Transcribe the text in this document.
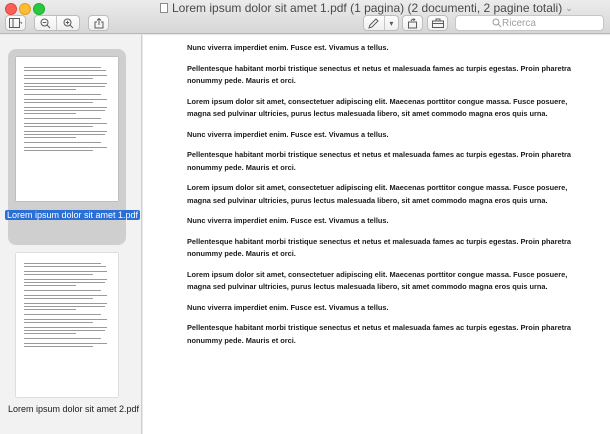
Lorem ipsum dolor sit amet 1.pdf (1 pagina) (2 documenti, 2 pagine totali) ⌄
▾	Ricerca
Lorem ipsum dolor sit amet 1.pdf
Lorem ipsum dolor sit amet 2.pdf

Nunc viverra imperdiet enim. Fusce est. Vivamus a tellus.

Pellentesque habitant morbi tristique senectus et netus et malesuada fames ac turpis egestas. Proin pharetra nonummy pede. Mauris et orci.

Lorem ipsum dolor sit amet, consectetuer adipiscing elit. Maecenas porttitor congue massa. Fusce posuere, magna sed pulvinar ultricies, purus lectus malesuada libero, sit amet commodo magna eros quis urna.

Nunc viverra imperdiet enim. Fusce est. Vivamus a tellus.

Pellentesque habitant morbi tristique senectus et netus et malesuada fames ac turpis egestas. Proin pharetra nonummy pede. Mauris et orci.

Lorem ipsum dolor sit amet, consectetuer adipiscing elit. Maecenas porttitor congue massa. Fusce posuere, magna sed pulvinar ultricies, purus lectus malesuada libero, sit amet commodo magna eros quis urna.

Nunc viverra imperdiet enim. Fusce est. Vivamus a tellus.

Pellentesque habitant morbi tristique senectus et netus et malesuada fames ac turpis egestas. Proin pharetra nonummy pede. Mauris et orci.

Lorem ipsum dolor sit amet, consectetuer adipiscing elit. Maecenas porttitor congue massa. Fusce posuere, magna sed pulvinar ultricies, purus lectus malesuada libero, sit amet commodo magna eros quis urna.

Nunc viverra imperdiet enim. Fusce est. Vivamus a tellus.

Pellentesque habitant morbi tristique senectus et netus et malesuada fames ac turpis egestas. Proin pharetra nonummy pede. Mauris et orci.
